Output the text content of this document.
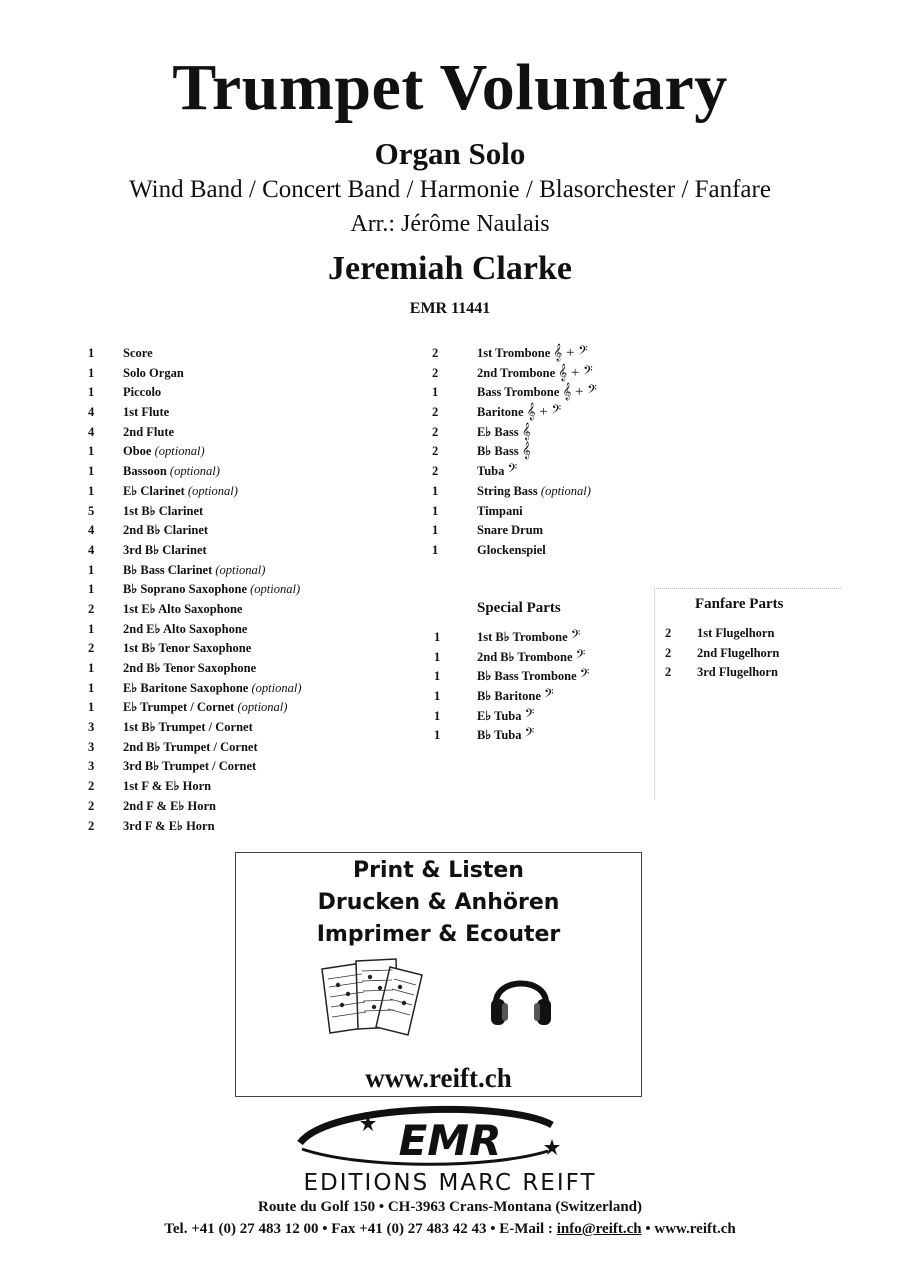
Trumpet Voluntary
Organ Solo
Wind Band / Concert Band / Harmonie / Blasorchester / Fanfare
Arr.: Jérôme Naulais
Jeremiah Clarke
EMR 11441
1 Score
1 Solo Organ
1 Piccolo
4 1st Flute
4 2nd Flute
1 Oboe (optional)
1 Bassoon (optional)
1 E♭ Clarinet (optional)
5 1st B♭ Clarinet
4 2nd B♭ Clarinet
4 3rd B♭ Clarinet
1 B♭ Bass Clarinet (optional)
1 B♭ Soprano Saxophone (optional)
2 1st E♭ Alto Saxophone
1 2nd E♭ Alto Saxophone
2 1st B♭ Tenor Saxophone
1 2nd B♭ Tenor Saxophone
1 E♭ Baritone Saxophone (optional)
1 E♭ Trumpet / Cornet (optional)
3 1st B♭ Trumpet / Cornet
3 2nd B♭ Trumpet / Cornet
3 3rd B♭ Trumpet / Cornet
2 1st F & E♭ Horn
2 2nd F & E♭ Horn
2 3rd F & E♭ Horn
2	1st Trombone 𝄞 + 𝄢
2	2nd Trombone 𝄞 + 𝄢
1	Bass Trombone 𝄞 + 𝄢
2	Baritone 𝄞 + 𝄢
2	E♭ Bass 𝄞
2	B♭ Bass 𝄞
2	Tuba 𝄢
1	String Bass (optional)
1	Timpani
1	Snare Drum
1	Glockenspiel
Special Parts
1	1st B♭ Trombone 𝄢
1	2nd B♭ Trombone 𝄢
1	B♭ Bass Trombone 𝄢
1	B♭ Baritone 𝄢
1	E♭ Tuba 𝄢
1	B♭ Tuba 𝄢
Fanfare Parts
2 1st Flugelhorn
2 2nd Flugelhorn
2 3rd Flugelhorn
Print & Listen
Drucken & Anhören
Imprimer & Ecouter
www.reift.ch
EMR
EDITIONS MARC REIFT
Route du Golf 150 • CH-3963 Crans-Montana (Switzerland)
Tel. +41 (0) 27 483 12 00 • Fax +41 (0) 27 483 42 43 • E-Mail : info@reift.ch • www.reift.ch
